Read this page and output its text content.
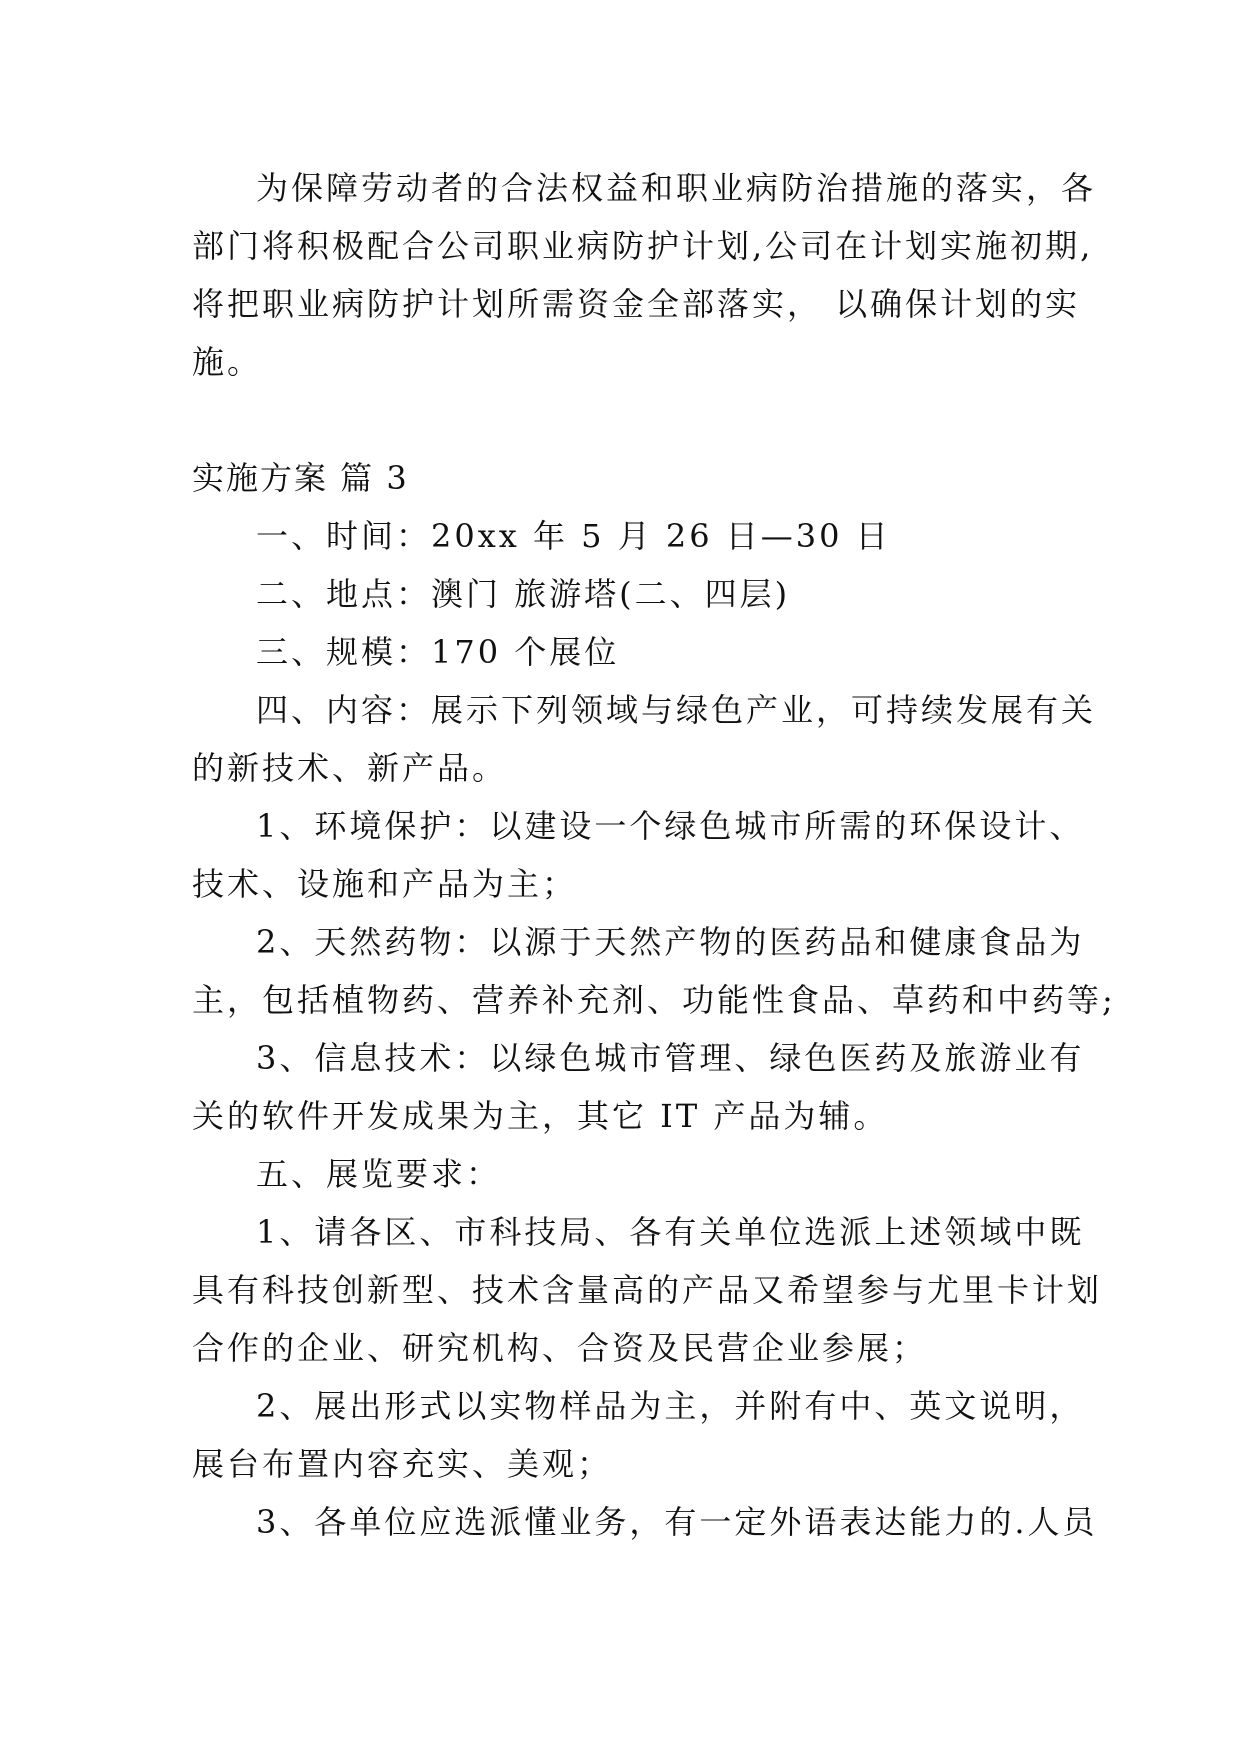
为保障劳动者的合法权益和职业病防治措施的落实，各
部门将积极配合公司职业病防护计划,公司在计划实施初期,
将把职业病防护计划所需资金全部落实， 以确保计划的实
施。
实施方案 篇 3
一、时间：20xx 年 5 月 26 日—30 日
二、地点：澳门 旅游塔(二、四层)
三、规模：170 个展位
四、内容：展示下列领域与绿色产业，可持续发展有关
的新技术、新产品。
1、环境保护：以建设一个绿色城市所需的环保设计、
技术、设施和产品为主；
2、天然药物：以源于天然产物的医药品和健康食品为
主，包括植物药、营养补充剂、功能性食品、草药和中药等;
3、信息技术：以绿色城市管理、绿色医药及旅游业有
关的软件开发成果为主，其它 IT 产品为辅。
五、展览要求：
1、请各区、市科技局、各有关单位选派上述领域中既
具有科技创新型、技术含量高的产品又希望参与尤里卡计划
合作的企业、研究机构、合资及民营企业参展；
2、展出形式以实物样品为主，并附有中、英文说明，
展台布置内容充实、美观；
3、各单位应选派懂业务，有一定外语表达能力的.人员
